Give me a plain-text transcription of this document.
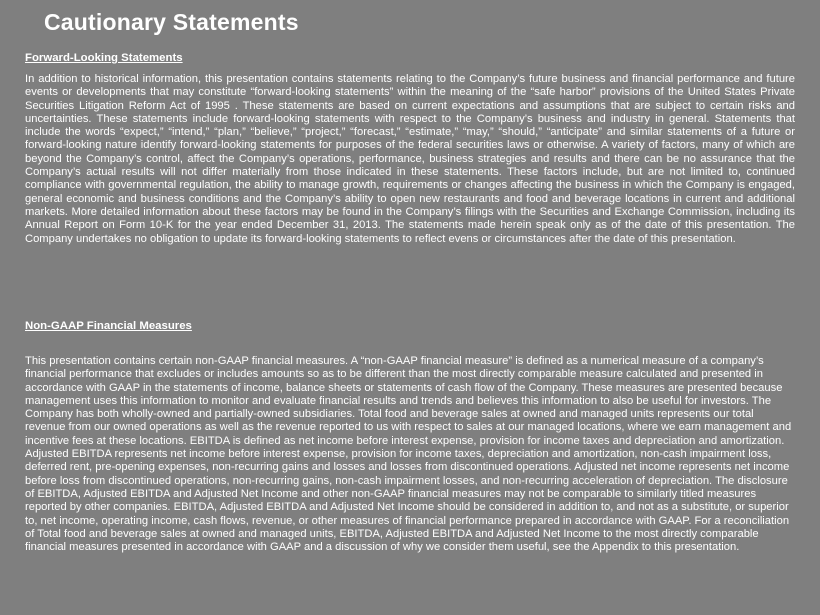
Cautionary Statements
Forward-Looking Statements

In addition to historical information, this presentation contains statements relating to the Company’s future business and financial performance and future events or developments that may constitute “forward-looking statements” within the meaning of the “safe harbor” provisions of the United States Private Securities Litigation Reform Act of 1995 . These statements are based on current expectations and assumptions that are subject to certain risks and uncertainties. These statements include forward-looking statements with respect to the Company’s business and industry in general. Statements that include the words “expect,” “intend,” “plan,” “believe,” “project,” “forecast,” “estimate,” “may,” “should,” “anticipate” and similar statements of a future or forward-looking nature identify forward-looking statements for purposes of the federal securities laws or otherwise. A variety of factors, many of which are beyond the Company’s control, affect the Company’s operations, performance, business strategies and results and there can be no assurance that the Company’s actual results will not differ materially from those indicated in these statements. These factors include, but are not limited to, continued compliance with governmental regulation, the ability to manage growth, requirements or changes affecting the business in which the Company is engaged, general economic and business conditions and the Company’s ability to open new restaurants and food and beverage locations in current and additional markets. More detailed information about these factors may be found in the Company’s filings with the Securities and Exchange Commission, including its Annual Report on Form 10-K for the year ended December 31, 2013. The statements made herein speak only as of the date of this presentation. The Company undertakes no obligation to update its forward-looking statements to reflect evens or circumstances after the date of this presentation.

Non-GAAP Financial Measures

This presentation contains certain non-GAAP financial measures. A “non-GAAP financial measure” is defined as a numerical measure of a company’s financial performance that excludes or includes amounts so as to be different than the most directly comparable measure calculated and presented in accordance with GAAP in the statements of income, balance sheets or statements of cash flow of the Company. These measures are presented because management uses this information to monitor and evaluate financial results and trends and believes this information to also be useful for investors. The Company has both wholly-owned and partially-owned subsidiaries. Total food and beverage sales at owned and managed units represents our total revenue from our owned operations as well as the revenue reported to us with respect to sales at our managed locations, where we earn management and incentive fees at these locations. EBITDA is defined as net income before interest expense, provision for income taxes and depreciation and amortization. Adjusted EBITDA represents net income before interest expense, provision for income taxes, depreciation and amortization, non-cash impairment loss, deferred rent, pre-opening expenses, non-recurring gains and losses and losses from discontinued operations. Adjusted net income represents net income before loss from discontinued operations, non-recurring gains, non-cash impairment losses, and non-recurring acceleration of depreciation. The disclosure of EBITDA, Adjusted EBITDA and Adjusted Net Income and other non-GAAP financial measures may not be comparable to similarly titled measures reported by other companies. EBITDA, Adjusted EBITDA and Adjusted Net Income should be considered in addition to, and not as a substitute, or superior to, net income, operating income, cash flows, revenue, or other measures of financial performance prepared in accordance with GAAP. For a reconciliation of Total food and beverage sales at owned and managed units, EBITDA, Adjusted EBITDA and Adjusted Net Income to the most directly comparable financial measures presented in accordance with GAAP and a discussion of why we consider them useful, see the Appendix to this presentation.
